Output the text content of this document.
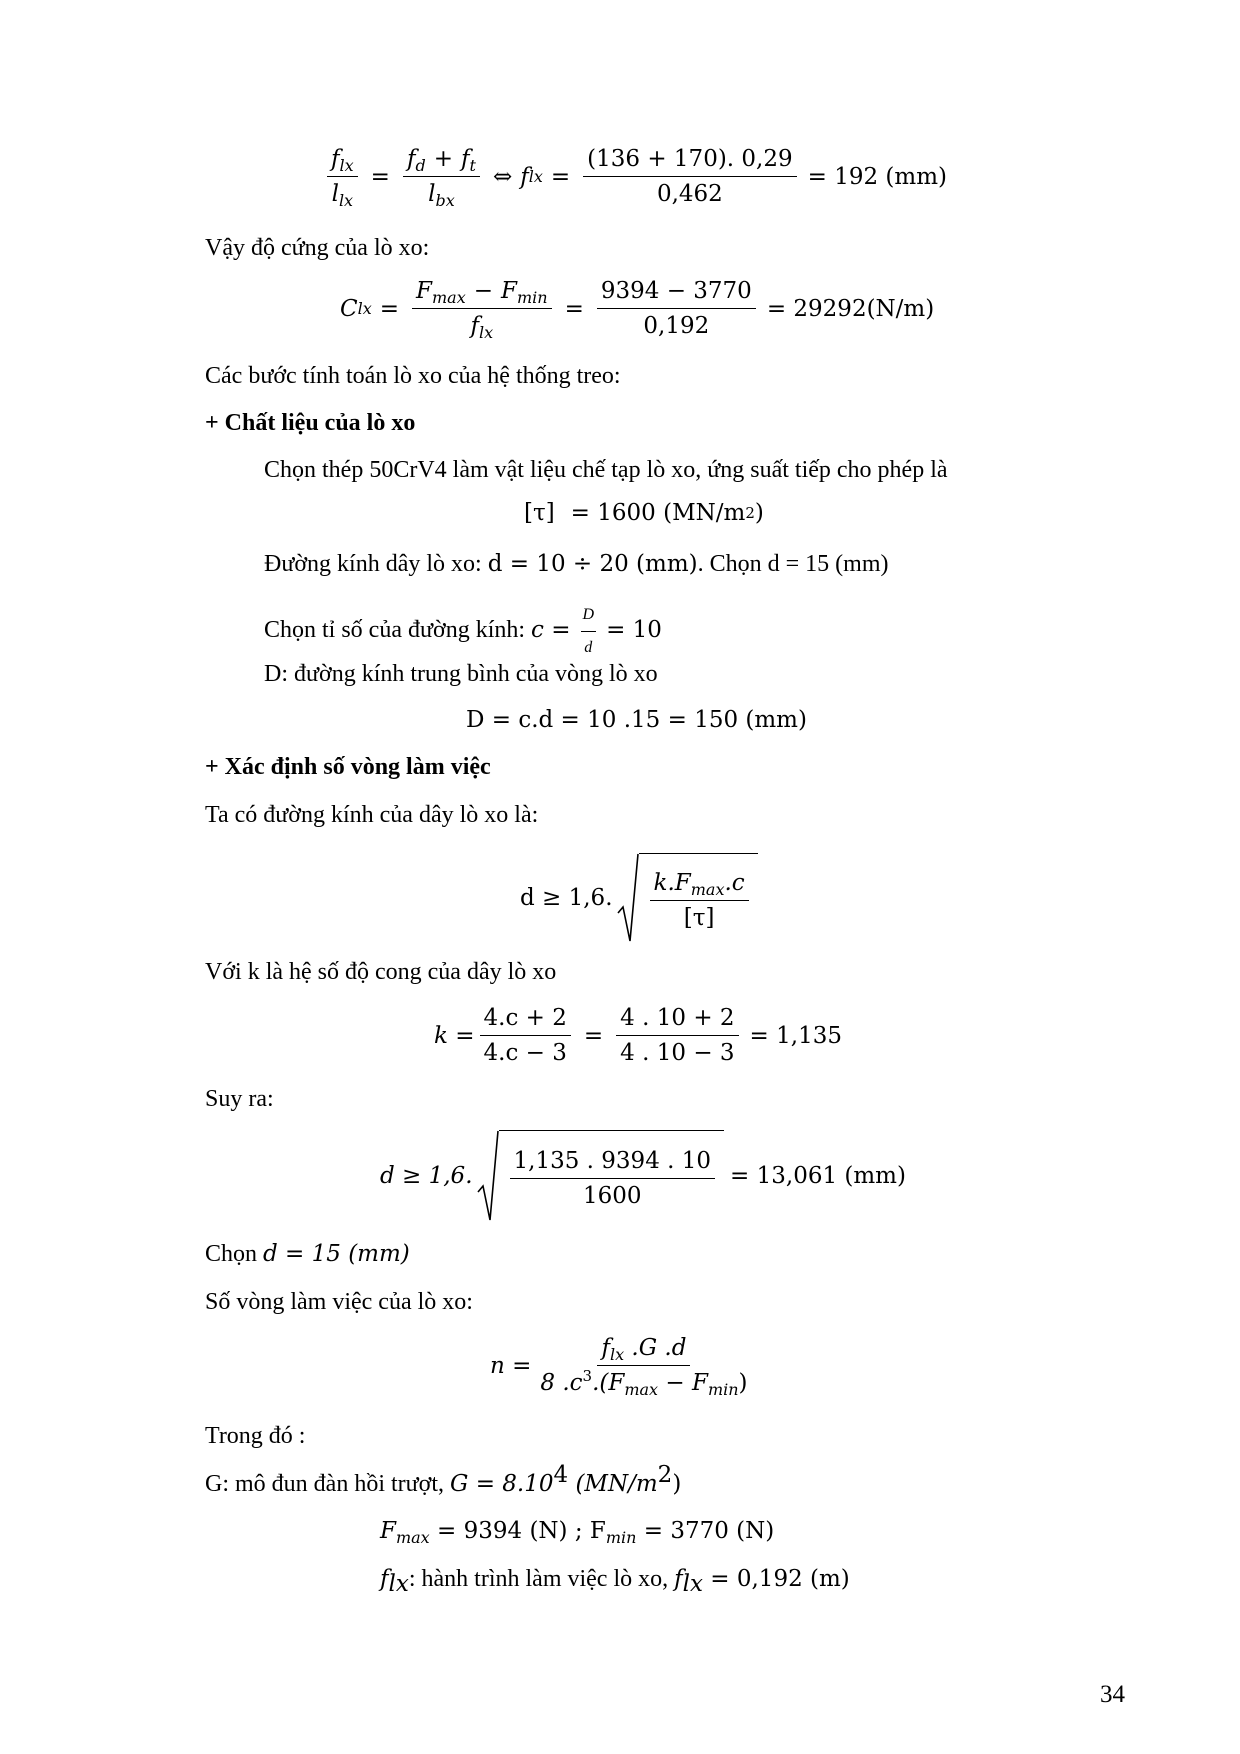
$\frac{f_{lx}}{l_{lx}} = \frac{f_d + f_t}{l_{bx}}$ ⇔ f lx = $\frac{(136 + 170). 0,29}{0,462} = 192$ (mm)
Vậy độ cứng của lò xo:
C lx = $\frac{F_{max} - F_{min}}{f_{lx}} = \frac{9394 - 3770}{0,192} = 29292(N/m)$
Các bước tính toán lò xo của hệ thống treo:
+ Chất liệu của lò xo
Chọn thép 50CrV4 làm vật liệu chế tạp lò xo, ứng suất tiếp cho phép là
[τ] = 1600 (MN/m 2 )
Đường kính dây lò xo: d = 10 ÷ 20 (mm). Chọn d = 15 (mm)
Chọn tỉ số của đường kính: $c = \frac{D}{d} = 10$
D: đường kính trung bình của vòng lò xo
D = c.d = 10 .15 = 150 (mm)
+ Xác định số vòng làm việc
Ta có đường kính của dây lò xo là:
d ≥ 1,6. $\frac{k.F_{max}.c}{[\tau]}$
Với k là hệ số độ cong của dây lò xo
$k = \frac{4.c + 2}{4.c - 3} = \frac{4 . 10 + 2}{4 . 10 - 3} = 1,135$
Suy ra:
d ≥ 1,6. $\frac{1,135 . 9394 . 10}{1600} = 13,061$ (mm)
Chọn d = 15 (mm)
Số vòng làm việc của lò xo:
$n = \frac{f_{lx} .G .d}{8 .c^3.(F_{max} - F_{min})}$
Trong đó :
G: mô đun đàn hồi trượt, $G = 8.10^4$ $(MN/m^2)$
$F_{max} = 9394$ (N) ; $F_{min} = 3770$ (N)
$f_{lx}$: hành trình làm việc lò xo, $f_{lx} = 0,192$ (m)
34
